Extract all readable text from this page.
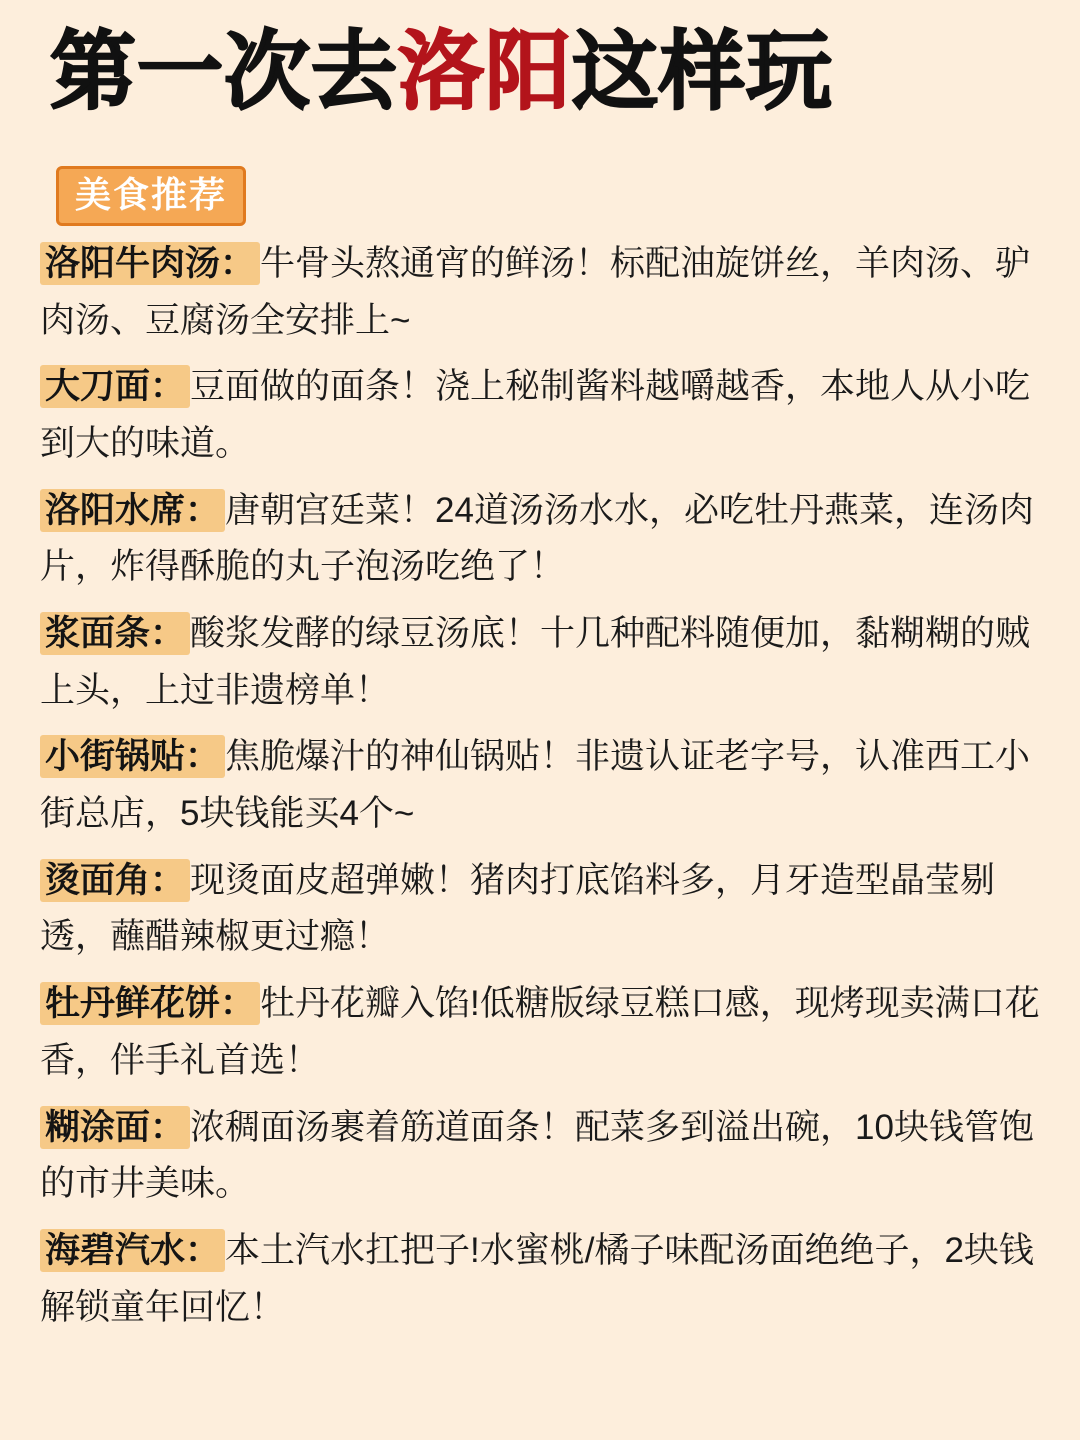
第一次去洛阳这样玩
美食推荐

洛阳牛肉汤： 牛骨头熬通宵的鲜汤！标配油旋饼丝，羊肉汤、驴肉汤、豆腐汤全安排上~

大刀面： 豆面做的面条！浇上秘制酱料越嚼越香，本地人从小吃到大的味道。

洛阳水席： 唐朝宫廷菜！24道汤汤水水，必吃牡丹燕菜，连汤肉片，炸得酥脆的丸子泡汤吃绝了！

浆面条： 酸浆发酵的绿豆汤底！十几种配料随便加，黏糊糊的贼上头，上过非遗榜单！

小街锅贴： 焦脆爆汁的神仙锅贴！非遗认证老字号，认准西工小街总店，5块钱能买4个~

烫面角： 现烫面皮超弹嫩！猪肉打底馅料多，月牙造型晶莹剔透，蘸醋辣椒更过瘾！

牡丹鲜花饼： 牡丹花瓣入馅!低糖版绿豆糕口感，现烤现卖满口花香，伴手礼首选！

糊涂面： 浓稠面汤裹着筋道面条！配菜多到溢出碗，10块钱管饱的市井美味。

海碧汽水： 本土汽水扛把子!水蜜桃/橘子味配汤面绝绝子，2块钱解锁童年回忆！
